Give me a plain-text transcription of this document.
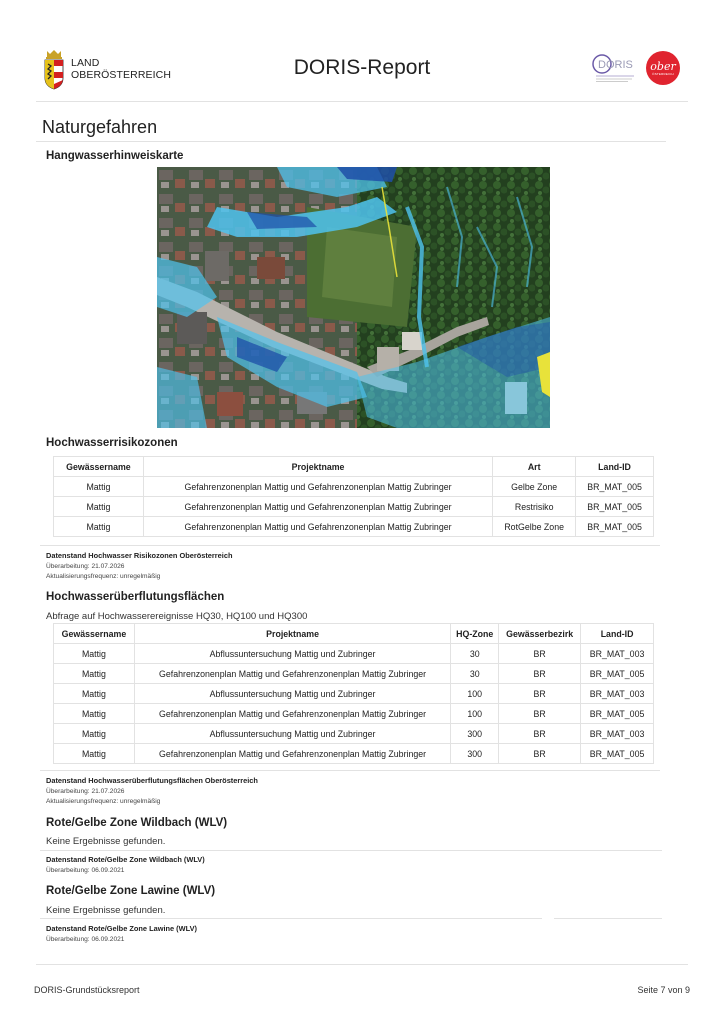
LAND
OBERÖSTERREICH	DORIS-Report	DORIS ober
ÖSTERREICH
Naturgefahren
Hangwasserhinweiskarte
Hochwasserrisikozonen
Gewässername	Projektname	Art	Land-ID
Mattig	Gefahrenzonenplan Mattig und Gefahrenzonenplan Mattig Zubringer	Gelbe Zone	BR_MAT_005
Mattig	Gefahrenzonenplan Mattig und Gefahrenzonenplan Mattig Zubringer	Restrisiko	BR_MAT_005
Mattig	Gefahrenzonenplan Mattig und Gefahrenzonenplan Mattig Zubringer	RotGelbe Zone	BR_MAT_005
Datenstand Hochwasser Risikozonen Oberösterreich
Überarbeitung: 21.07.2026
Aktualisierungsfrequenz: unregelmäßig
Hochwasserüberflutungsflächen
Abfrage auf Hochwasserereignisse HQ30, HQ100 und HQ300
Gewässername	Projektname	HQ-Zone	Gewässerbezirk	Land-ID
Mattig	Abflussuntersuchung Mattig und Zubringer	30	BR	BR_MAT_003
Mattig	Gefahrenzonenplan Mattig und Gefahrenzonenplan Mattig Zubringer	30	BR	BR_MAT_005
Mattig	Abflussuntersuchung Mattig und Zubringer	100	BR	BR_MAT_003
Mattig	Gefahrenzonenplan Mattig und Gefahrenzonenplan Mattig Zubringer	100	BR	BR_MAT_005
Mattig	Abflussuntersuchung Mattig und Zubringer	300	BR	BR_MAT_003
Mattig	Gefahrenzonenplan Mattig und Gefahrenzonenplan Mattig Zubringer	300	BR	BR_MAT_005
Datenstand Hochwasserüberflutungsflächen Oberösterreich
Überarbeitung: 21.07.2026
Aktualisierungsfrequenz: unregelmäßig
Rote/Gelbe Zone Wildbach (WLV)
Keine Ergebnisse gefunden.
Datenstand Rote/Gelbe Zone Wildbach (WLV)
Überarbeitung: 06.09.2021
Rote/Gelbe Zone Lawine (WLV)
Keine Ergebnisse gefunden.
Datenstand Rote/Gelbe Zone Lawine (WLV)
Überarbeitung: 06.09.2021
DORIS-Grundstücksreport	Seite 7 von 9
